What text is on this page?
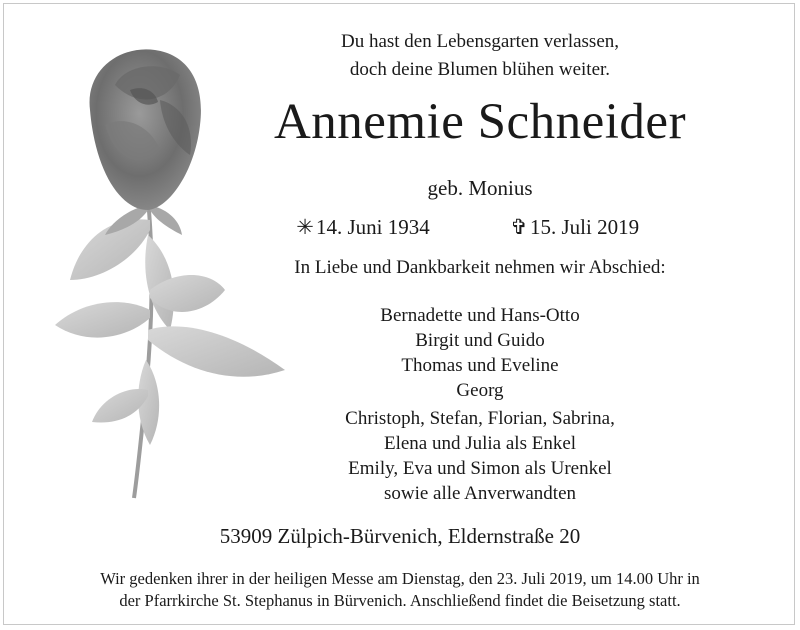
Du hast den Lebensgarten verlassen,
doch deine Blumen blühen weiter.
Annemie Schneider
geb. Monius
✳ 14. Juni 1934	✞ 15. Juli 2019
In Liebe und Dankbarkeit nehmen wir Abschied:
Bernadette und Hans-Otto
Birgit und Guido
Thomas und Eveline
Georg
Christoph, Stefan, Florian, Sabrina,
Elena und Julia als Enkel
Emily, Eva und Simon als Urenkel
sowie alle Anverwandten
53909 Zülpich-Bürvenich, Eldernstraße 20
Wir gedenken ihrer in der heiligen Messe am Dienstag, den 23. Juli 2019, um 14.00 Uhr in
der Pfarrkirche St. Stephanus in Bürvenich. Anschließend findet die Beisetzung statt.
